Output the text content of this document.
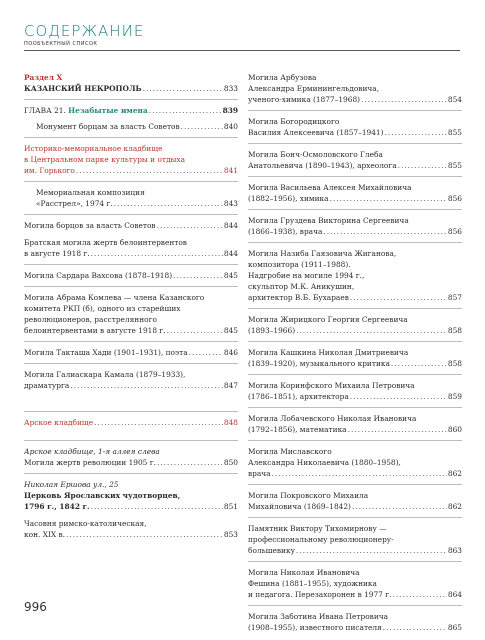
СОДЕРЖАНИЕ
ПООБЪЕКТНЫЙ СПИСОК
Раздел Х
КАЗАНСКИЙ НЕКРОПОЛЬ .....	833
ГЛАВА 21.
Незабытые имена .....	839
Монумент борцам за власть Советов .....	840
Историко-мемориальное кладбище
в Центральном парке культуры и отдыха
им. Горького .....	841
Мемориальная композиция
«Расстрел», 1974 г. .....	843
Могила борцов за власть Советов .....	844
Братская могила жертв белоинтервентов
в августе 1918 г. .....	844
Могила Сардара Вахсова (1878–1918) .....	845
Могила Абрама Комлева — члена Казанского
комитета РКП (б), одного из старейших
революционеров, расстрелянного
белоинтервентами в августе 1918 г. .....	845
Могила Такташа Хади (1901–1931), поэта .....	846
Могила Галиаскара Камала (1879–1933),
драматурга .....	847
Арское кладбище .....	848
Арское кладбище, 1-я аллея слева
Могила жертв революции 1905 г. .....	850
Николая Ершова ул., 25
Церковь Ярославских чудотворцев,
1796 г., 1842 г. .....	851
Часовня римско-католическая,
кон. XIX в. .....	853
Могила Арбузова
Александра Ерминингельдовича,
ученого-химика (1877–1968) .....	854
Могила Богородицкого
Василия Алексеевича (1857–1941) .....	855
Могила Бонч-Осмоловского Глеба
Анатольевича (1890–1943), археолога .....	855
Могила Васильева Алексея Михайловича
(1882–1956), химика .....	856
Могила Груздева Викторина Сергеевича
(1866–1938), врача .....	856
Могила Назиба Гаязовича Жиганова,
композитора (1911–1988).
Надгробие на могиле 1994 г.,
скульптор М.К. Аникушин,
архитектор В.Б. Бухараев .....	857
Могила Жирицкого Георгия Сергеевича
(1893–1966) .....	858
Могила Кашкина Николая Дмитриевича
(1839–1920), музыкального критика .....	858
Могила Коринфского Михаила Петровича
(1786–1851), архитектора .....	859
Могила Лобачевского Николая Ивановича
(1792–1856), математика .....	860
Могила Миславского
Александра Николаевича (1880–1958),
врача .....	862
Могила Покровского Михаила
Михайловича (1869–1842) .....	862
Памятник Виктору Тихомирнову —
профессиональному революционеру-
большевику .....	863
Могила Николая Ивановича
Фешина (1881–1955), художника
и педагога. Перезахоронен в 1977 г. .....	864
Могила Заботина Ивана Петровича
(1908–1955), известного писателя .....	865
996
